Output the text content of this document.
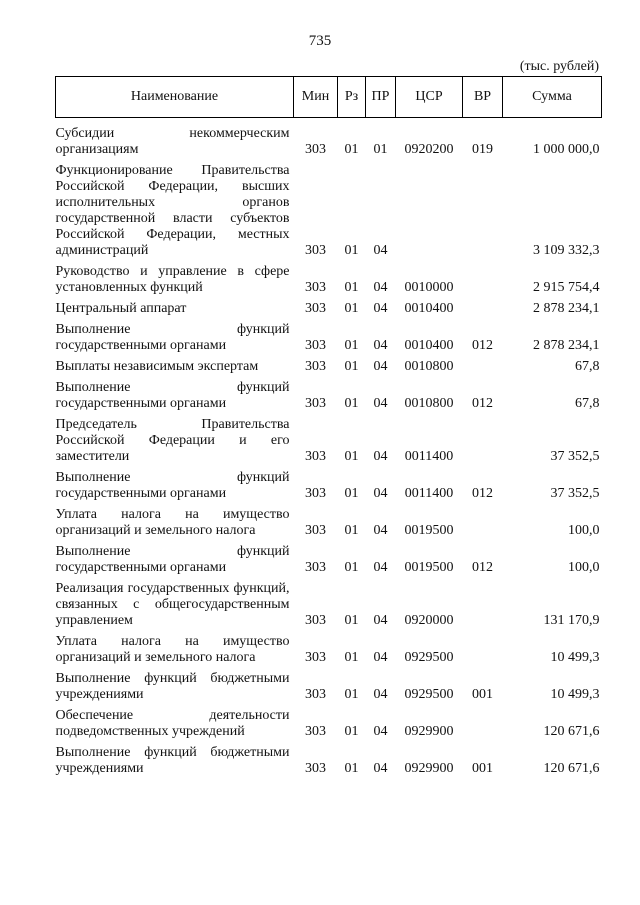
735
(тыс. рублей)
Наименование	Мин	Рз	ПР	ЦСР	ВР	Сумма

Субсидии некоммерческим организациям	303	01	01	0920200	019	1 000 000,0
Функционирование Правительства Российской Федерации, высших исполнительных органов государственной власти субъектов Российской Федерации, местных администраций	303	01	04			3 109 332,3
Руководство и управление в сфере установленных функций	303	01	04	0010000		2 915 754,4
Центральный аппарат	303	01	04	0010400		2 878 234,1
Выполнение функций государственными органами	303	01	04	0010400	012	2 878 234,1
Выплаты независимым экспертам	303	01	04	0010800		67,8
Выполнение функций государственными органами	303	01	04	0010800	012	67,8
Председатель Правительства Российской Федерации и его заместители	303	01	04	0011400		37 352,5
Выполнение функций государственными органами	303	01	04	0011400	012	37 352,5
Уплата налога на имущество организаций и земельного налога	303	01	04	0019500		100,0
Выполнение функций государственными органами	303	01	04	0019500	012	100,0
Реализация государственных функций, связанных с общегосударственным управлением	303	01	04	0920000		131 170,9
Уплата налога на имущество организаций и земельного налога	303	01	04	0929500		10 499,3
Выполнение функций бюджетными учреждениями	303	01	04	0929500	001	10 499,3
Обеспечение деятельности подведомственных учреждений	303	01	04	0929900		120 671,6
Выполнение функций бюджетными учреждениями	303	01	04	0929900	001	120 671,6
